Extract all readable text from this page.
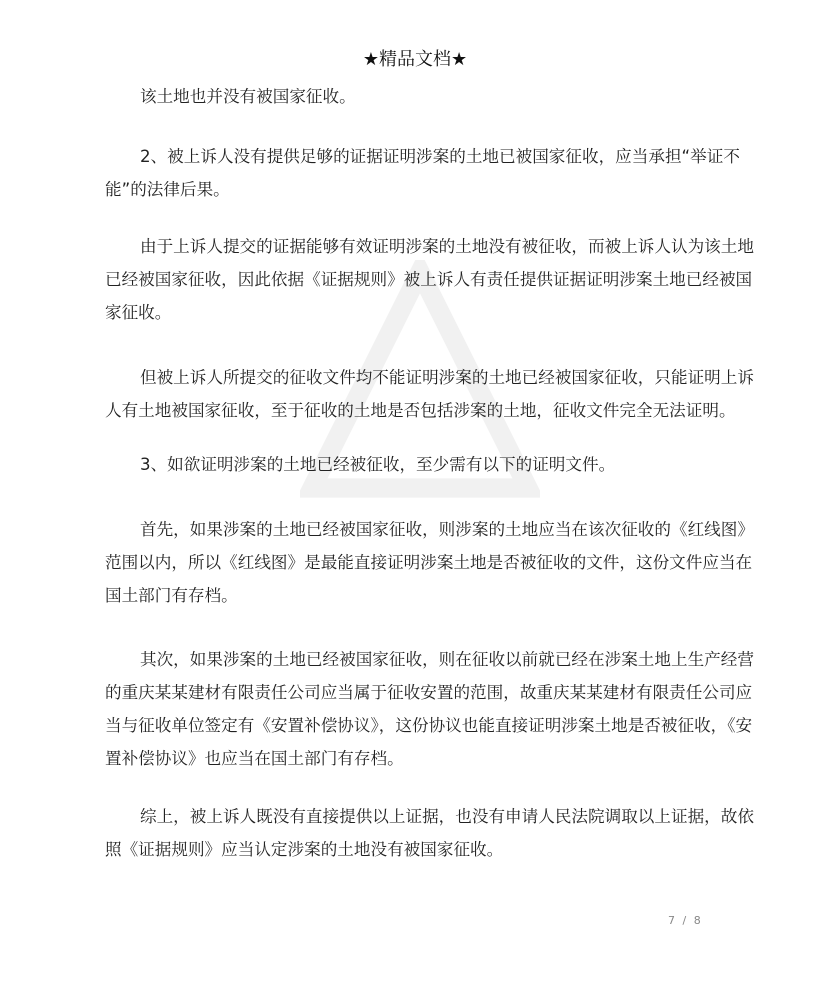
★精品文档★
该土地也并没有被国家征收。
2、被上诉人没有提供足够的证据证明涉案的土地已被国家征收，应当承担“举证不
能”的法律后果。
由于上诉人提交的证据能够有效证明涉案的土地没有被征收，而被上诉人认为该土地
已经被国家征收，因此依据《证据规则》被上诉人有责任提供证据证明涉案土地已经被国
家征收。
但被上诉人所提交的征收文件均不能证明涉案的土地已经被国家征收，只能证明上诉
人有土地被国家征收，至于征收的土地是否包括涉案的土地，征收文件完全无法证明。
3、如欲证明涉案的土地已经被征收，至少需有以下的证明文件。
首先，如果涉案的土地已经被国家征收，则涉案的土地应当在该次征收的《红线图》
范围以内，所以《红线图》是最能直接证明涉案土地是否被征收的文件，这份文件应当在
国土部门有存档。
其次，如果涉案的土地已经被国家征收，则在征收以前就已经在涉案土地上生产经营
的重庆某某建材有限责任公司应当属于征收安置的范围，故重庆某某建材有限责任公司应
当与征收单位签定有《安置补偿协议》，这份协议也能直接证明涉案土地是否被征收，《安
置补偿协议》也应当在国土部门有存档。
综上，被上诉人既没有直接提供以上证据，也没有申请人民法院调取以上证据，故依
照《证据规则》应当认定涉案的土地没有被国家征收。
7 / 8
